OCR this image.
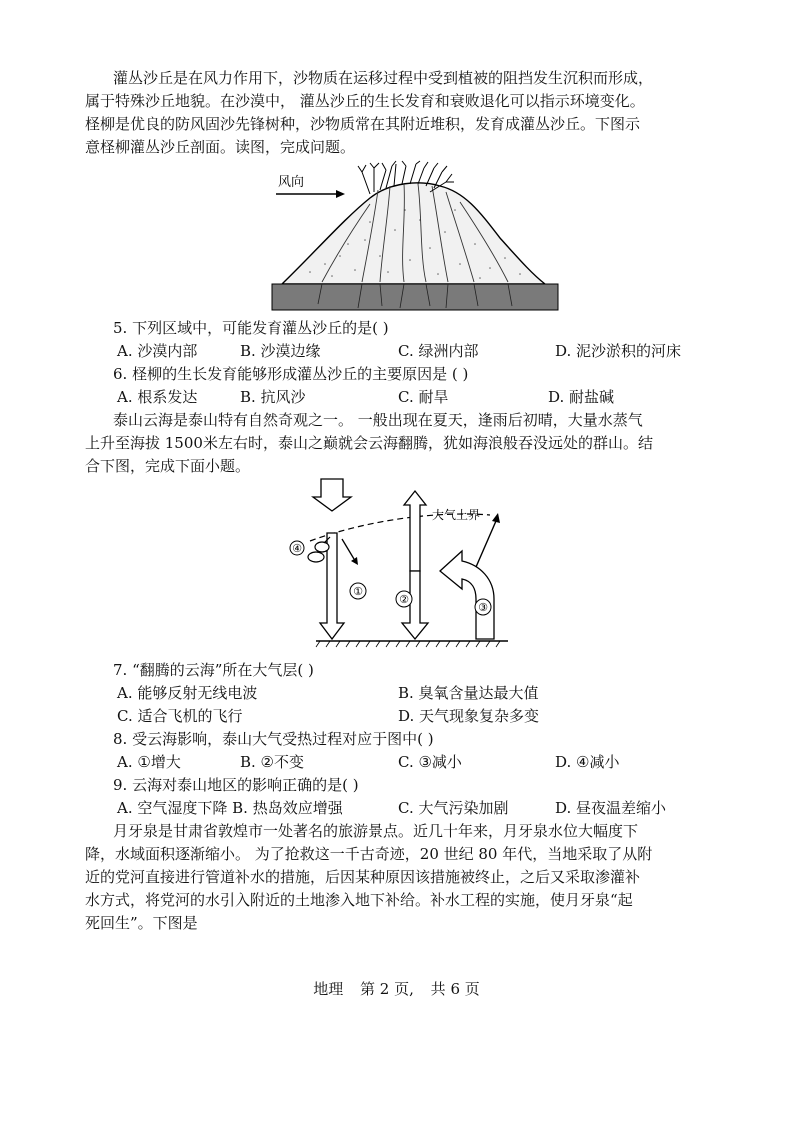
灌丛沙丘是在风力作用下，沙物质在运移过程中受到植被的阻挡发生沉积而形成，
属于特殊沙丘地貌。在沙漠中， 灌丛沙丘的生长发育和衰败退化可以指示环境变化。
柽柳是优良的防风固沙先锋树种，沙物质常在其附近堆积，发育成灌丛沙丘。下图示
意柽柳灌丛沙丘剖面。读图，完成问题。
风向
5. 下列区域中，可能发育灌丛沙丘的是( )
A. 沙漠内部	B. 沙漠边缘	C. 绿洲内部	D. 泥沙淤积的河床
6. 柽柳的生长发育能够形成灌丛沙丘的主要原因是 ( )
A. 根系发达	B. 抗风沙	C. 耐旱	D. 耐盐碱
泰山云海是泰山特有自然奇观之一。 一般出现在夏天，逢雨后初晴，大量水蒸气
上升至海拔 1500米左右时，泰山之巅就会云海翻腾，犹如海浪般吞没远处的群山。结
合下图，完成下面小题。
大气上界
④
①
②
③
7. “翻腾的云海”所在大气层( )
A. 能够反射无线电波	B. 臭氧含量达最大值
C. 适合飞机的飞行	D. 天气现象复杂多变
8. 受云海影响，泰山大气受热过程对应于图中( )
A. ①增大	B. ②不变	C. ③减小	D. ④减小
9. 云海对泰山地区的影响正确的是( )
A. 空气湿度下降 B. 热岛效应增强	C. 大气污染加剧	D. 昼夜温差缩小
月牙泉是甘肃省敦煌市一处著名的旅游景点。近几十年来，月牙泉水位大幅度下
降，水域面积逐渐缩小。 为了抢救这一千古奇迹，20 世纪 80 年代，当地采取了从附
近的党河直接进行管道补水的措施，后因某种原因该措施被终止，之后又采取渗灌补
水方式，将党河的水引入附近的土地渗入地下补给。补水工程的实施，使月牙泉“起
死回生”。下图是
地理 第 2 页, 共 6 页
